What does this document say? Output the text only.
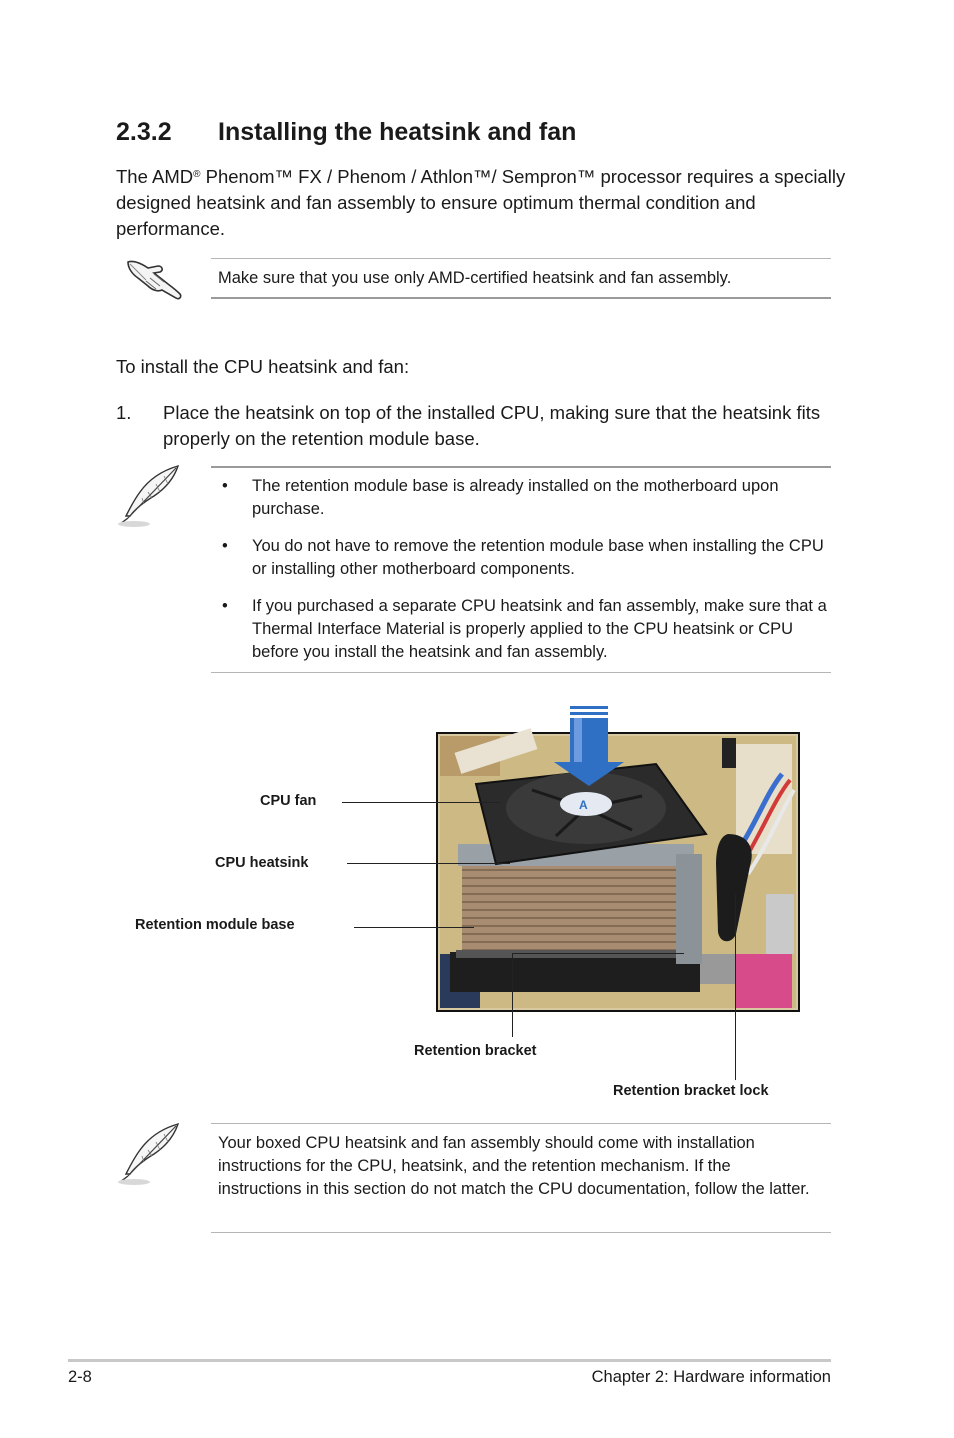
2.3.2 Installing the heatsink and fan
The AMD® Phenom™ FX / Phenom / Athlon™/ Sempron™ processor requires a specially designed heatsink and fan assembly to ensure optimum thermal condition and performance.
Make sure that you use only AMD-certified heatsink and fan assembly.
To install the CPU heatsink and fan:
1. Place the heatsink on top of the installed CPU, making sure that the heatsink fits properly on the retention module base.
• The retention module base is already installed on the motherboard upon purchase.
• You do not have to remove the retention module base when installing the CPU or installing other motherboard components.
• If you purchased a separate CPU heatsink and fan assembly, make sure that a Thermal Interface Material is properly applied to the CPU heatsink or CPU before you install the heatsink and fan assembly.
A
CPU fan
CPU heatsink
Retention module base
Retention bracket
Retention bracket lock
Your boxed CPU heatsink and fan assembly should come with installation instructions for the CPU, heatsink, and the retention mechanism. If the instructions in this section do not match the CPU documentation, follow the latter.
2-8	Chapter 2: Hardware information
